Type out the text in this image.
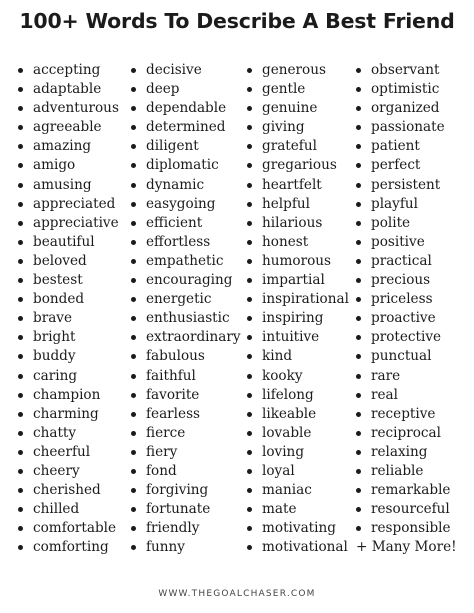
100+ Words To Describe A Best Friend
accepting
adaptable
adventurous
agreeable
amazing
amigo
amusing
appreciated
appreciative
beautiful
beloved
bestest
bonded
brave
bright
buddy
caring
champion
charming
chatty
cheerful
cheery
cherished
chilled
comfortable
comforting
decisive
deep
dependable
determined
diligent
diplomatic
dynamic
easygoing
efficient
effortless
empathetic
encouraging
energetic
enthusiastic
extraordinary
fabulous
faithful
favorite
fearless
fierce
fiery
fond
forgiving
fortunate
friendly
funny
generous
gentle
genuine
giving
grateful
gregarious
heartfelt
helpful
hilarious
honest
humorous
impartial
inspirational
inspiring
intuitive
kind
kooky
lifelong
likeable
lovable
loving
loyal
maniac
mate
motivating
motivational
observant
optimistic
organized
passionate
patient
perfect
persistent
playful
polite
positive
practical
precious
priceless
proactive
protective
punctual
rare
real
receptive
reciprocal
relaxing
reliable
remarkable
resourceful
responsible
+ Many More!
WWW.THEGOALCHASER.COM
